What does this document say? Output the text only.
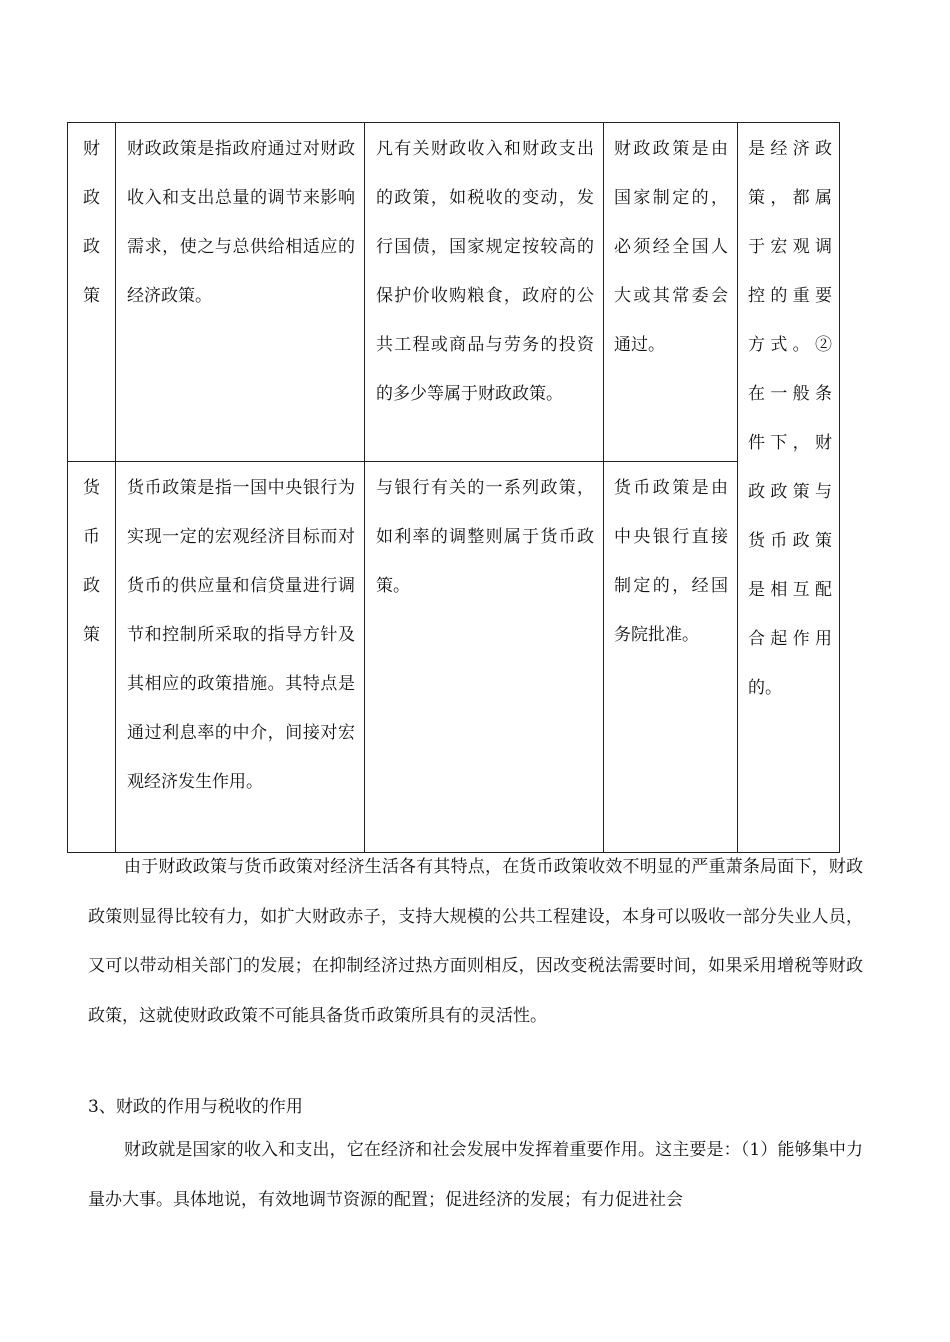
财
政
政
策
财政政策是指政府通过对财政收入和支出总量的调节来影响需求，使之与总供给相适应的经济政策。
凡有关财政收入和财政支出的政策，如税收的变动，发行国债，国家规定按较高的保护价收购粮食，政府的公共工程或商品与劳务的投资的多少等属于财政政策。
财政政策是由国家制定的，必须经全国人大或其常委会通过。
货
币
政
策
货币政策是指一国中央银行为实现一定的宏观经济目标而对货币的供应量和信贷量进行调节和控制所采取的指导方针及其相应的政策措施。其特点是通过利息率的中介，间接对宏观经济发生作用。
与银行有关的一系列政策，如利率的调整则属于货币政策。
货币政策是由中央银行直接制定的，经国务院批准。
是经济政策，都属于宏观调控的重要方式。② 在一般条件下，财政政策与货币政策是相互配合起作用的。
由于财政政策与货币政策对经济生活各有其特点，在货币政策收效不明显的严重萧条局面下，财政政策则显得比较有力，如扩大财政赤子，支持大规模的公共工程建设，本身可以吸收一部分失业人员，又可以带动相关部门的发展；在抑制经济过热方面则相反，因改变税法需要时间，如果采用增税等财政政策，这就使财政政策不可能具备货币政策所具有的灵活性。
3、财政的作用与税收的作用
财政就是国家的收入和支出，它在经济和社会发展中发挥着重要作用。这主要是：（1）能够集中力量办大事。具体地说，有效地调节资源的配置；促进经济的发展；有力促进社会
